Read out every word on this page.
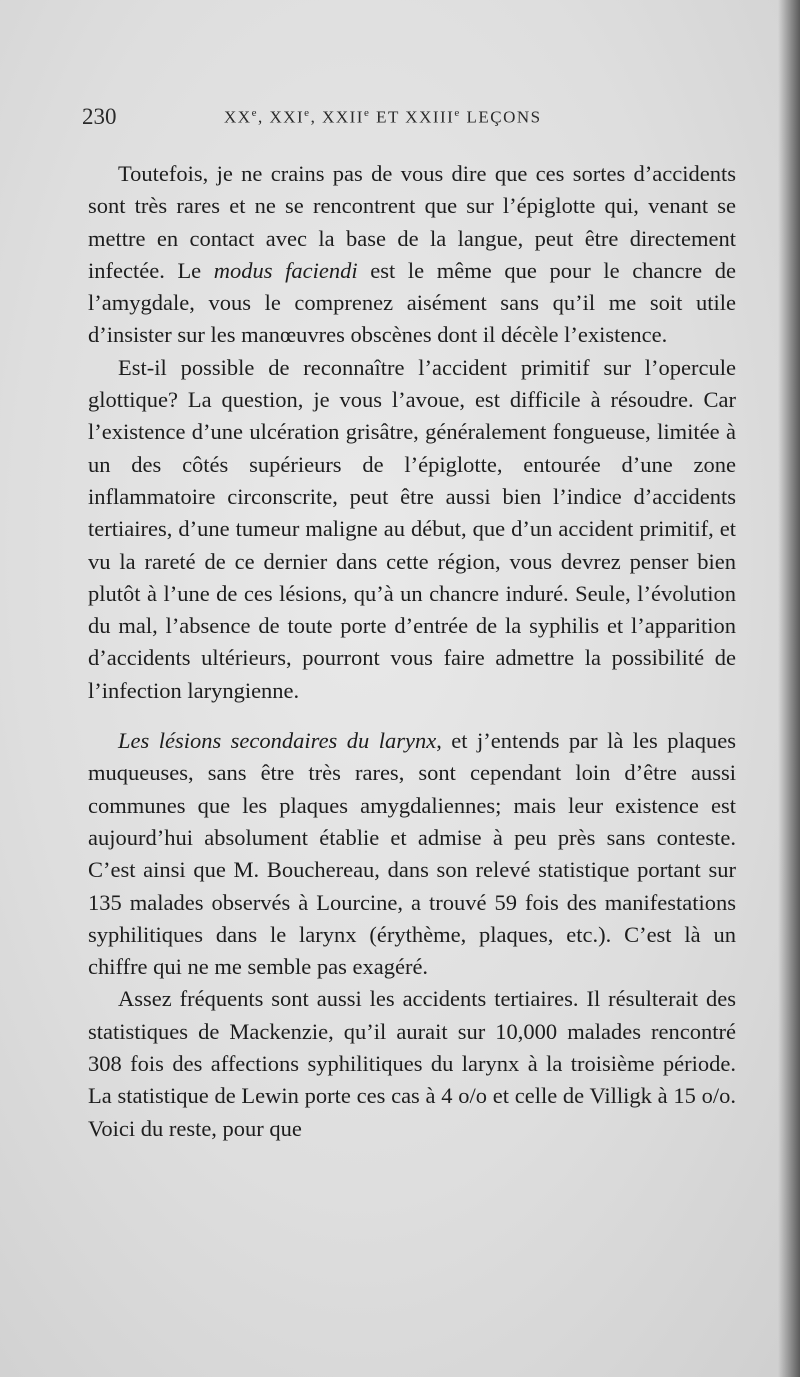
230	XXe, XXIe, XXIIe ET XXIIIe LEÇONS

Toutefois, je ne crains pas de vous dire que ces sortes d’accidents sont très rares et ne se rencontrent que sur l’épiglotte qui, venant se mettre en contact avec la base de la langue, peut être directement infectée. Le modus faciendi est le même que pour le chancre de l’amygdale, vous le comprenez aisément sans qu’il me soit utile d’insister sur les manœuvres obscènes dont il décèle l’existence.

Est-il possible de reconnaître l’accident primitif sur l’opercule glottique? La question, je vous l’avoue, est difficile à résoudre. Car l’existence d’une ulcération grisâtre, généralement fongueuse, limitée à un des côtés supérieurs de l’épiglotte, entourée d’une zone inflammatoire circonscrite, peut être aussi bien l’indice d’accidents tertiaires, d’une tumeur maligne au début, que d’un accident primitif, et vu la rareté de ce dernier dans cette région, vous devrez penser bien plutôt à l’une de ces lésions, qu’à un chancre induré. Seule, l’évolution du mal, l’absence de toute porte d’entrée de la syphilis et l’apparition d’accidents ultérieurs, pourront vous faire admettre la possibilité de l’infection laryngienne.

Les lésions secondaires du larynx, et j’entends par là les plaques muqueuses, sans être très rares, sont cependant loin d’être aussi communes que les plaques amygdaliennes; mais leur existence est aujourd’hui absolument établie et admise à peu près sans conteste. C’est ainsi que M. Bouchereau, dans son relevé statistique portant sur 135 malades observés à Lourcine, a trouvé 59 fois des manifestations syphilitiques dans le larynx (érythème, plaques, etc.). C’est là un chiffre qui ne me semble pas exagéré.

Assez fréquents sont aussi les accidents tertiaires. Il résulterait des statistiques de Mackenzie, qu’il aurait sur 10,000 malades rencontré 308 fois des affections syphilitiques du larynx à la troisième période. La statistique de Lewin porte ces cas à 4 o/o et celle de Villigk à 15 o/o. Voici du reste, pour que
